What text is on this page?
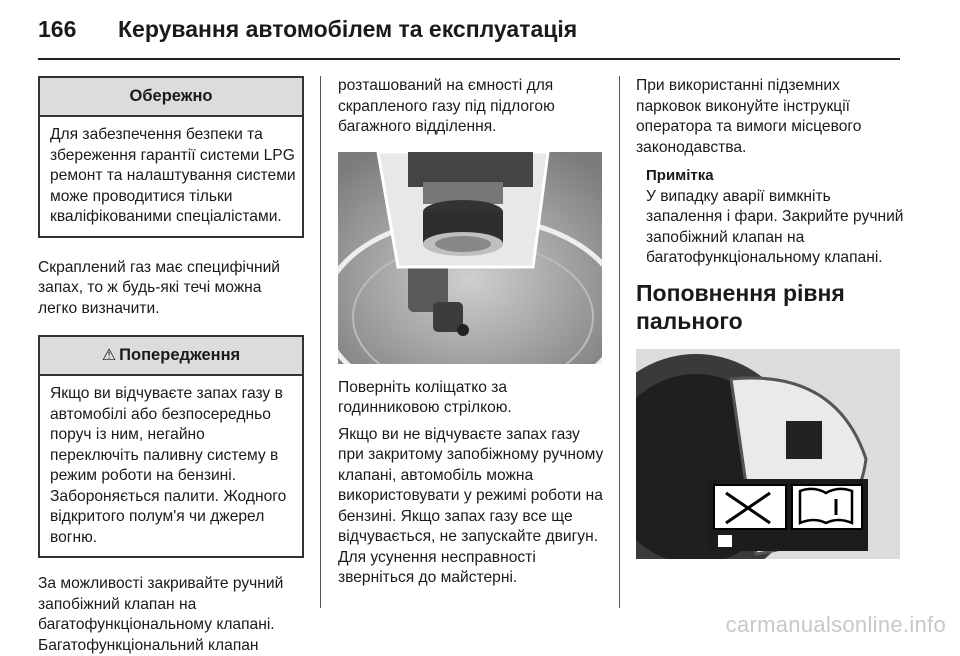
166 Керування автомобілем та експлуатація
Обережно

Для забезпечення безпеки та збереження гарантії системи LPG ремонт та налаштування системи може проводитися тільки кваліфікованими спеціалістами.

Скраплений газ має специфічний запах, то ж будь-які течі можна легко визначити.

⚠ Попередження

Якщо ви відчуваєте запах газу в автомобілі або безпосередньо поруч із ним, негайно переключіть паливну систему в режим роботи на бензині. Забороняється палити. Жодного відкритого полум'я чи джерел вогню.

За можливості закривайте ручний запобіжний клапан на багатофункціональному клапані. Багатофункціональний клапан

розташований на ємності для скрапленого газу під підлогою багажного відділення.

Поверніть коліщатко за годинниковою стрілкою.

Якщо ви не відчуваєте запах газу при закритому запобіжному ручному клапані, автомобіль можна використовувати у режимі роботи на бензині. Якщо запах газу все ще відчувається, не запускайте двигун. Для усунення несправності зверніться до майстерні.

При використанні підземних парковок виконуйте інструкції оператора та вимоги місцевого законодавства.

Примітка

У випадку аварії вимкніть запалення і фари. Закрийте ручний запобіжний клапан на багатофункціональному клапані.

Поповнення рівня пального
carmanualsonline.info
